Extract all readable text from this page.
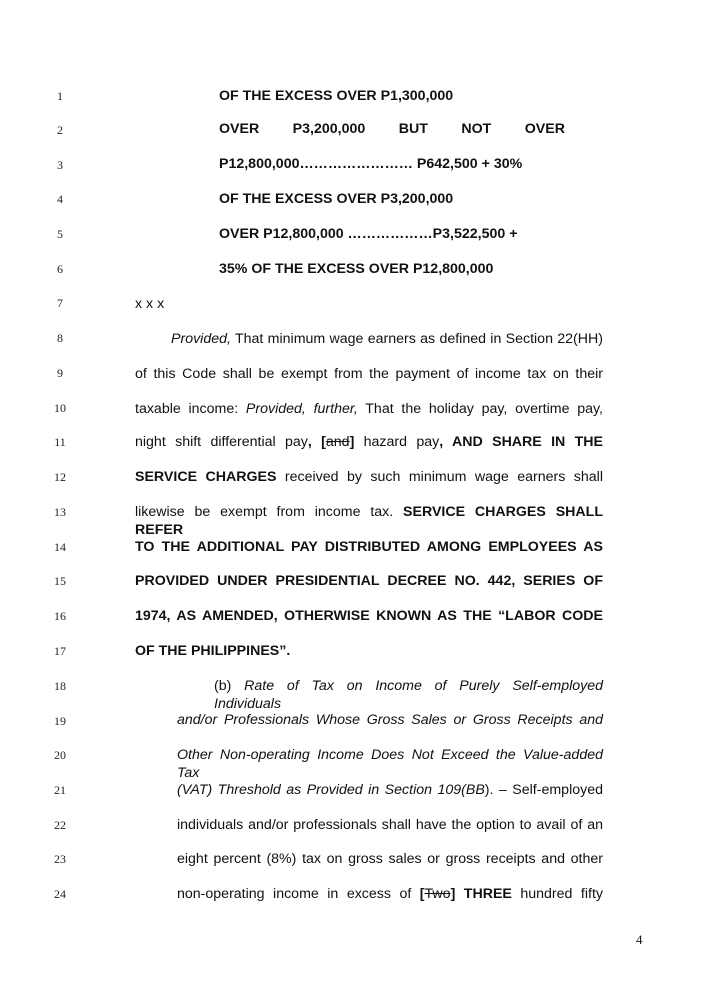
1
2
3
4
5
6
7
8
9
10
11
12
13
14
15
16
17
18
19
20
21
22
23
24
OF THE EXCESS OVER P1,300,000
OVER P3,200,000 BUT NOT OVER
P12,800,000…………………… P642,500 + 30%
OF THE EXCESS OVER P3,200,000
OVER P12,800,000 ………………P3,522,500 +
35% OF THE EXCESS OVER P12,800,000
x x x
Provided, That minimum wage earners as defined in Section 22(HH)
of this Code shall be exempt from the payment of income tax on their
taxable income: Provided, further, That the holiday pay, overtime pay,
night shift differential pay, [and] hazard pay, AND SHARE IN THE
SERVICE CHARGES received by such minimum wage earners shall
likewise be exempt from income tax. SERVICE CHARGES SHALL REFER
TO THE ADDITIONAL PAY DISTRIBUTED AMONG EMPLOYEES AS
PROVIDED UNDER PRESIDENTIAL DECREE NO. 442, SERIES OF
1974, AS AMENDED, OTHERWISE KNOWN AS THE “LABOR CODE
OF THE PHILIPPINES”.
(b) Rate of Tax on Income of Purely Self-employed Individuals
and/or Professionals Whose Gross Sales or Gross Receipts and
Other Non-operating Income Does Not Exceed the Value-added Tax
(VAT) Threshold as Provided in Section 109(BB). – Self-employed
individuals and/or professionals shall have the option to avail of an
eight percent (8%) tax on gross sales or gross receipts and other
non-operating income in excess of [Two] THREE hundred fifty
4
